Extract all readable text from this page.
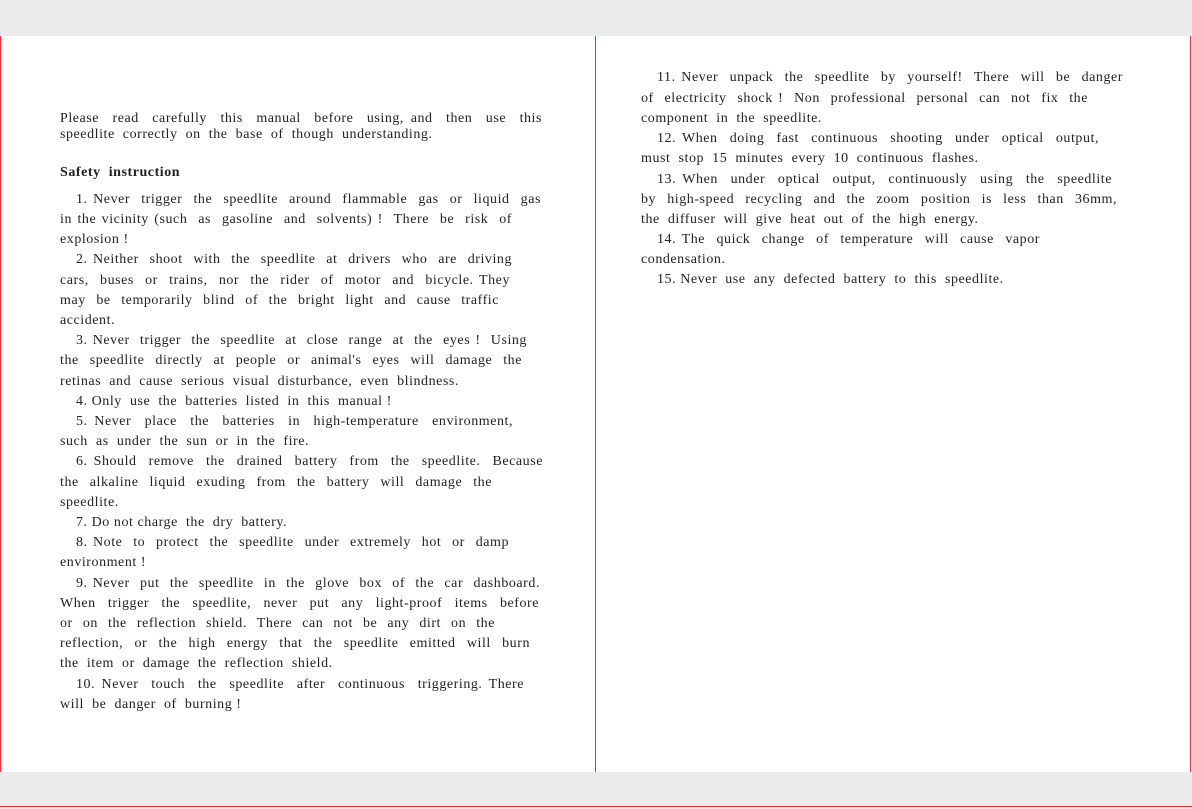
Please  read  carefully  this  manual  before  using, and  then  use  this
speedlite  correctly  on  the  base  of  though  understanding.
Safety  instruction
1. Never  trigger  the  speedlite  around  flammable  gas  or  liquid  gas
in the vicinity (such  as  gasoline  and  solvents) !  There  be  risk  of
explosion !
2. Neither  shoot  with  the  speedlite  at  drivers  who  are  driving
cars,  buses  or  trains,  nor  the  rider  of  motor  and  bicycle. They
may  be  temporarily  blind  of  the  bright  light  and  cause  traffic
accident.
3. Never  trigger  the  speedlite  at  close  range  at  the  eyes !  Using
the  speedlite  directly  at  people  or  animal's  eyes  will  damage  the
retinas  and  cause  serious  visual  disturbance,  even  blindness.
4. Only  use  the  batteries  listed  in  this  manual !
5. Never  place  the  batteries  in  high-temperature  environment,
such  as  under  the  sun  or  in  the  fire.
6. Should  remove  the  drained  battery  from  the  speedlite.  Because
the  alkaline  liquid  exuding  from  the  battery  will  damage  the
speedlite.
7. Do not charge  the  dry  battery.
8. Note  to  protect  the  speedlite  under  extremely  hot  or  damp
environment !
9. Never  put  the  speedlite  in  the  glove  box  of  the  car  dashboard.
When  trigger  the  speedlite,  never  put  any  light-proof  items  before
or  on  the  reflection  shield.  There  can  not  be  any  dirt  on  the
reflection,  or  the  high  energy  that  the  speedlite  emitted  will  burn
the  item  or  damage  the  reflection  shield.
10. Never  touch  the  speedlite  after  continuous  triggering. There
will  be  danger  of  burning !
11. Never  unpack  the  speedlite  by  yourself!  There  will  be  danger
of  electricity  shock !  Non  professional  personal  can  not  fix  the
component  in  the  speedlite.
12. When  doing  fast  continuous  shooting  under  optical  output,
must  stop  15  minutes  every  10  continuous  flashes.
13. When  under  optical  output,  continuously  using  the  speedlite
by  high-speed  recycling  and  the  zoom  position  is  less  than  36mm,
the  diffuser  will  give  heat  out  of  the  high  energy.
14. The  quick  change  of  temperature  will  cause  vapor
condensation.
15. Never  use  any  defected  battery  to  this  speedlite.
